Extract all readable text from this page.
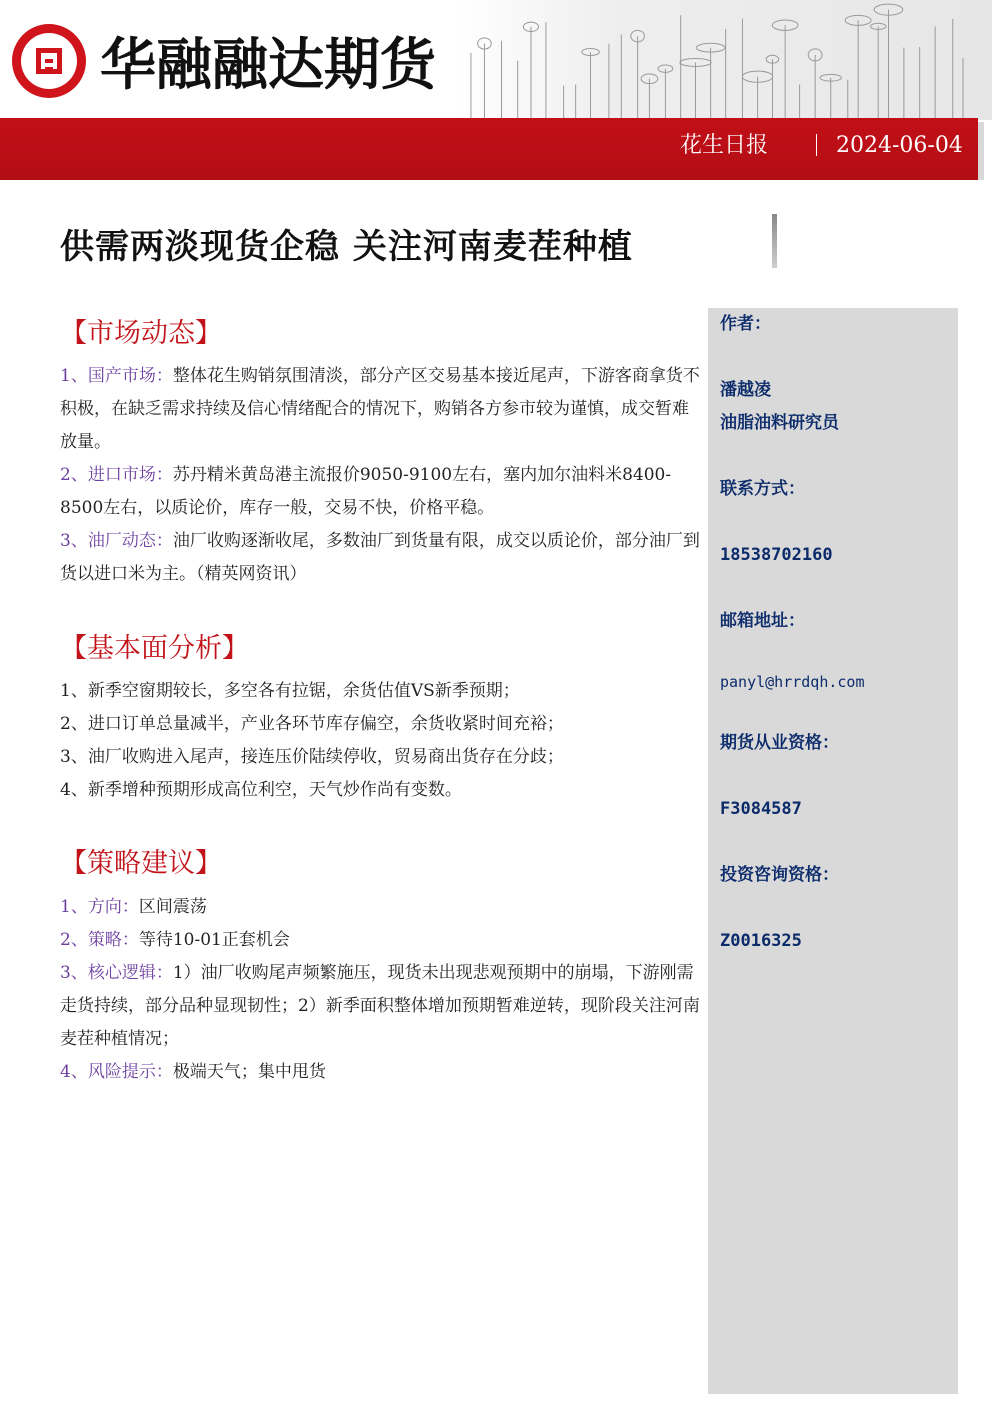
华融融达期货
花生日报	2024-06-04
供需两淡现货企稳 关注河南麦茬种植
作者：
潘越凌
油脂油料研究员
联系方式：
18538702160
邮箱地址：
panyl@hrrdqh.com
期货从业资格：
F3084587
投资咨询资格：
Z0016325
【市场动态】
1、国产市场：整体花生购销氛围清淡，部分产区交易基本接近尾声，下游客商拿货不积极，在缺乏需求持续及信心情绪配合的情况下，购销各方参市较为谨慎，成交暂难放量。
2、进口市场：苏丹精米黄岛港主流报价9050-9100左右，塞内加尔油料米8400-8500左右，以质论价，库存一般，交易不快，价格平稳。
3、油厂动态：油厂收购逐渐收尾，多数油厂到货量有限，成交以质论价，部分油厂到货以进口米为主。（精英网资讯）
【基本面分析】
1、新季空窗期较长，多空各有拉锯，余货估值VS新季预期；
2、进口订单总量减半，产业各环节库存偏空，余货收紧时间充裕；
3、油厂收购进入尾声，接连压价陆续停收，贸易商出货存在分歧；
4、新季增种预期形成高位利空，天气炒作尚有变数。
【策略建议】
1、方向：区间震荡
2、策略：等待10-01正套机会
3、核心逻辑：1）油厂收购尾声频繁施压，现货未出现悲观预期中的崩塌，下游刚需走货持续，部分品种显现韧性；2）新季面积整体增加预期暂难逆转，现阶段关注河南麦茬种植情况；
4、风险提示：极端天气；集中甩货
